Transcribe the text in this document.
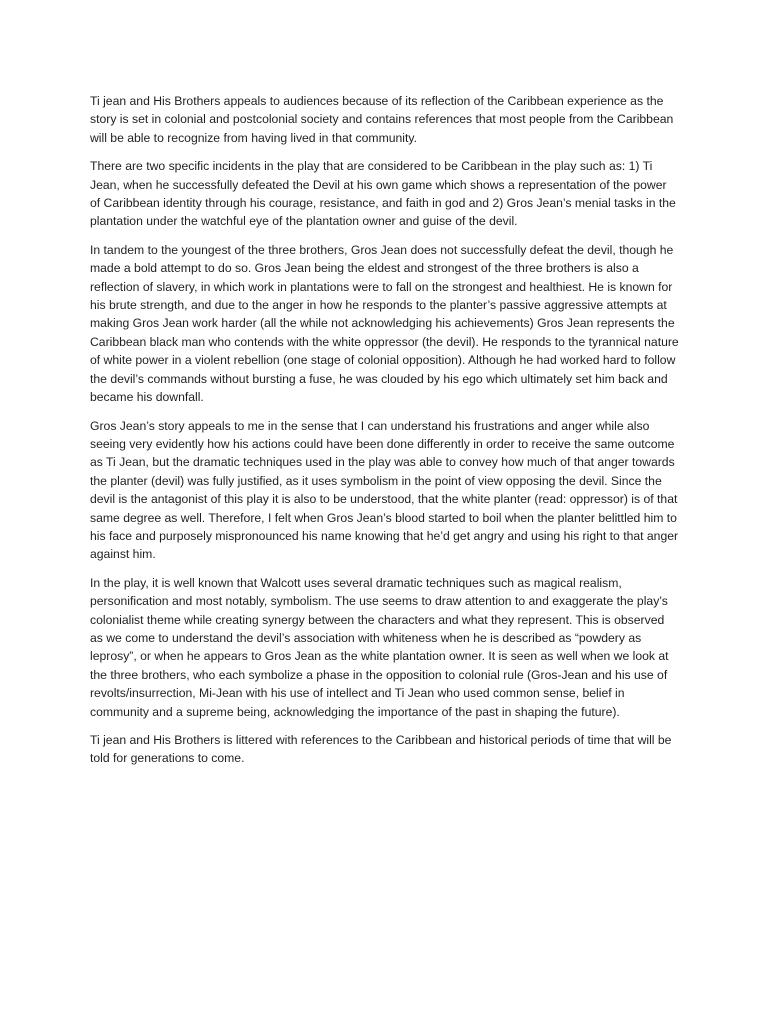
Ti jean and His Brothers appeals to audiences because of its reflection of the Caribbean experience as the story is set in colonial and postcolonial society and contains references that most people from the Caribbean will be able to recognize from having lived in that community.

There are two specific incidents in the play that are considered to be Caribbean in the play such as: 1) Ti Jean, when he successfully defeated the Devil at his own game which shows a representation of the power of Caribbean identity through his courage, resistance, and faith in god and 2) Gros Jean’s menial tasks in the plantation under the watchful eye of the plantation owner and guise of the devil.

In tandem to the youngest of the three brothers, Gros Jean does not successfully defeat the devil, though he made a bold attempt to do so. Gros Jean being the eldest and strongest of the three brothers is also a reflection of slavery, in which work in plantations were to fall on the strongest and healthiest. He is known for his brute strength, and due to the anger in how he responds to the planter’s passive aggressive attempts at making Gros Jean work harder (all the while not acknowledging his achievements) Gros Jean represents the Caribbean black man who contends with the white oppressor (the devil). He responds to the tyrannical nature of white power in a violent rebellion (one stage of colonial opposition). Although he had worked hard to follow the devil’s commands without bursting a fuse, he was clouded by his ego which ultimately set him back and became his downfall.

Gros Jean’s story appeals to me in the sense that I can understand his frustrations and anger while also seeing very evidently how his actions could have been done differently in order to receive the same outcome as Ti Jean, but the dramatic techniques used in the play was able to convey how much of that anger towards the planter (devil) was fully justified, as it uses symbolism in the point of view opposing the devil. Since the devil is the antagonist of this play it is also to be understood, that the white planter (read: oppressor) is of that same degree as well. Therefore, I felt when Gros Jean’s blood started to boil when the planter belittled him to his face and purposely mispronounced his name knowing that he’d get angry and using his right to that anger against him.

In the play, it is well known that Walcott uses several dramatic techniques such as magical realism, personification and most notably, symbolism. The use seems to draw attention to and exaggerate the play’s colonialist theme while creating synergy between the characters and what they represent. This is observed as we come to understand the devil’s association with whiteness when he is described as “powdery as leprosy”, or when he appears to Gros Jean as the white plantation owner. It is seen as well when we look at the three brothers, who each symbolize a phase in the opposition to colonial rule (Gros-Jean and his use of revolts/insurrection, Mi-Jean with his use of intellect and Ti Jean who used common sense, belief in community and a supreme being, acknowledging the importance of the past in shaping the future).

Ti jean and His Brothers is littered with references to the Caribbean and historical periods of time that will be told for generations to come.
